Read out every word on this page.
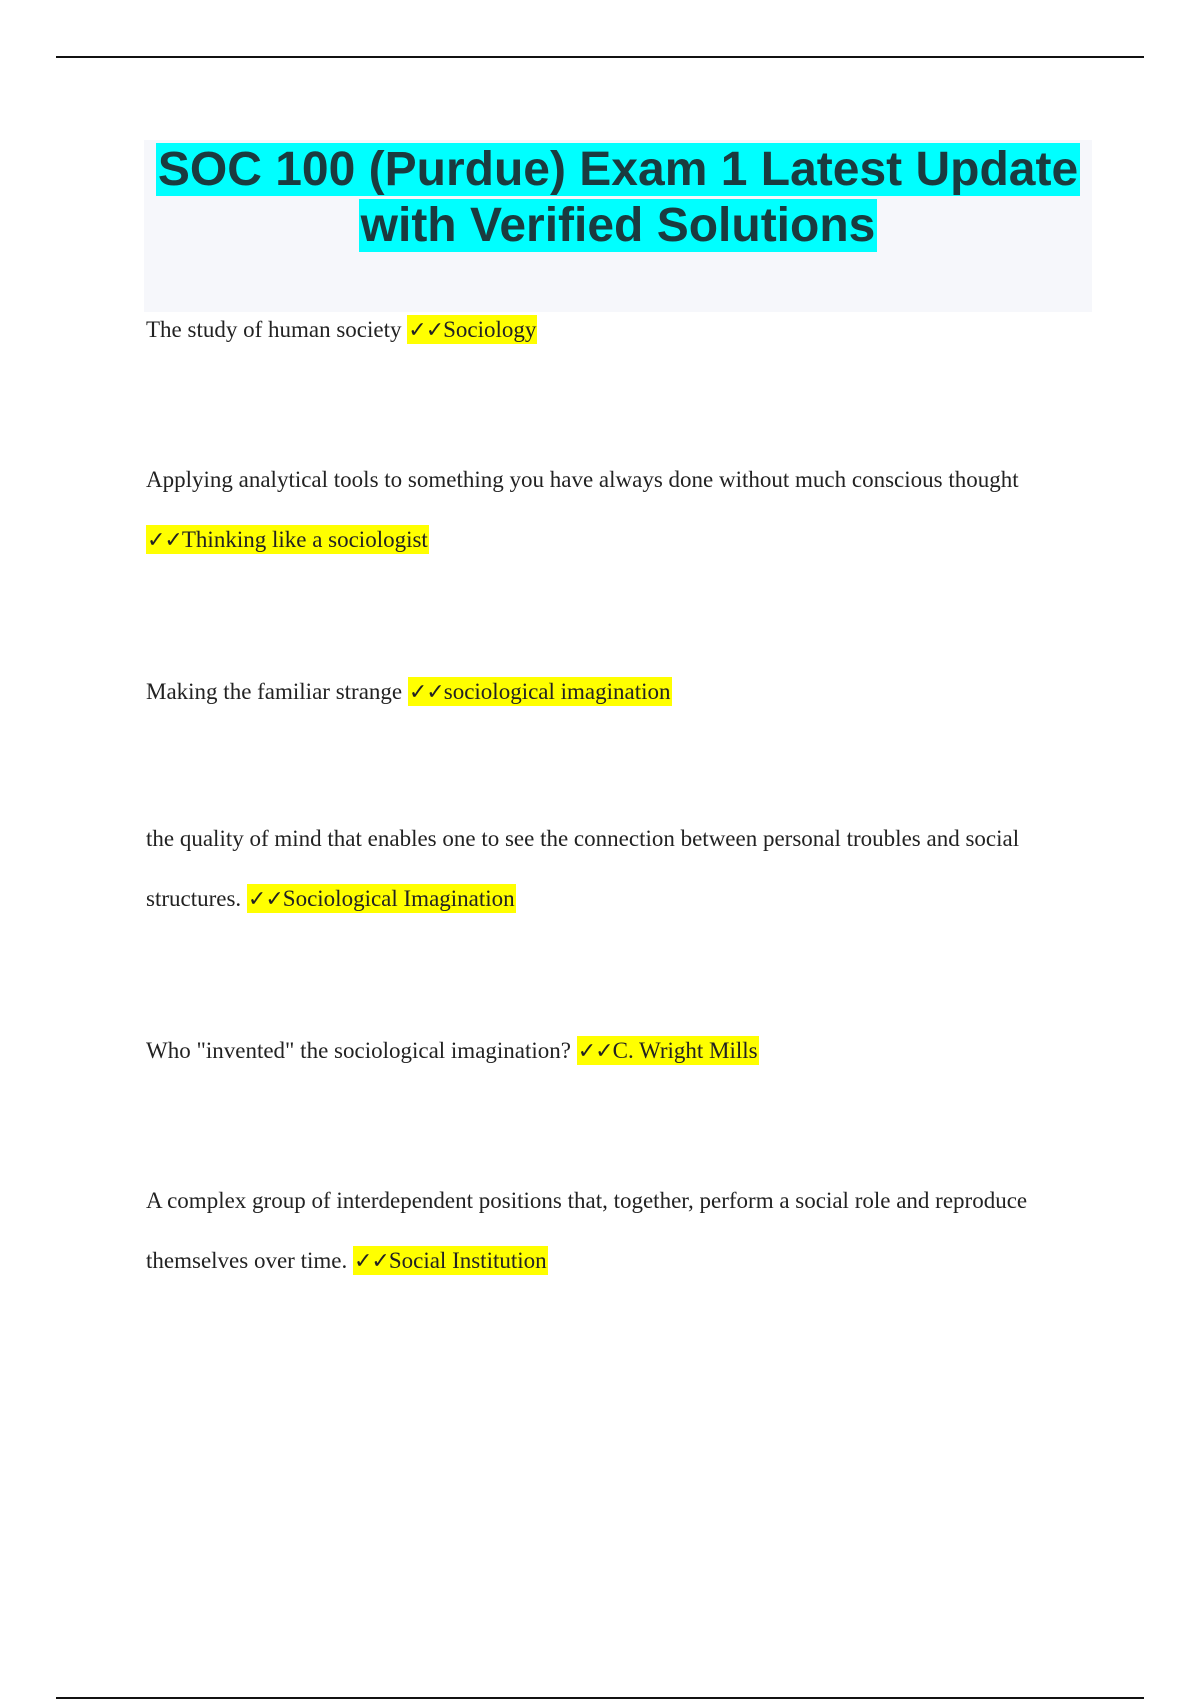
SOC 100 (Purdue) Exam 1 Latest Update
with Verified Solutions

The study of human society ✓✓Sociology

Applying analytical tools to something you have always done without much conscious thought ✓✓Thinking like a sociologist

Making the familiar strange ✓✓sociological imagination

the quality of mind that enables one to see the connection between personal troubles and social structures. ✓✓Sociological Imagination

Who "invented" the sociological imagination? ✓✓C. Wright Mills

A complex group of interdependent positions that, together, perform a social role and reproduce themselves over time. ✓✓Social Institution
